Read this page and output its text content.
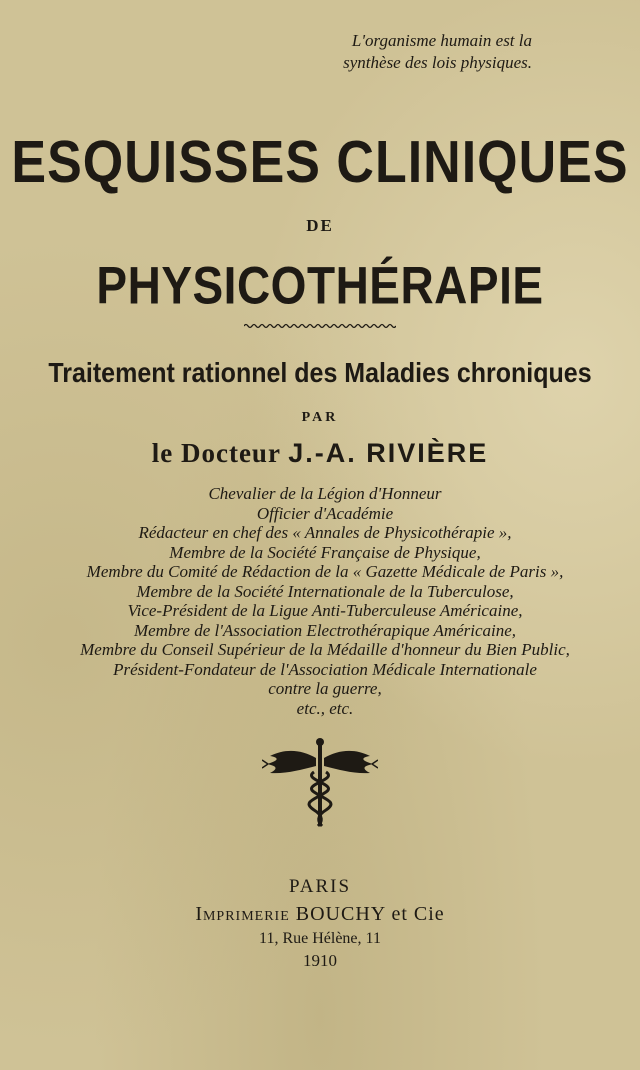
L'organisme humain est la
synthèse des lois physiques.
ESQUISSES CLINIQUES
DE
PHYSICOTHÉRAPIE
Traitement rationnel des Maladies chroniques
PAR
le Docteur J.-A. RIVIÈRE
Chevalier de la Légion d'Honneur
Officier d'Académie
Rédacteur en chef des « Annales de Physicothérapie »,
Membre de la Société Française de Physique,
Membre du Comité de Rédaction de la « Gazette Médicale de Paris »,
Membre de la Société Internationale de la Tuberculose,
Vice-Président de la Ligue Anti-Tuberculeuse Américaine,
Membre de l'Association Electrothérapique Américaine,
Membre du Conseil Supérieur de la Médaille d'honneur du Bien Public,
Président-Fondateur de l'Association Médicale Internationale
contre la guerre,
etc., etc.
PARIS
Imprimerie BOUCHY et Cie
11, Rue Hélène, 11
1910
